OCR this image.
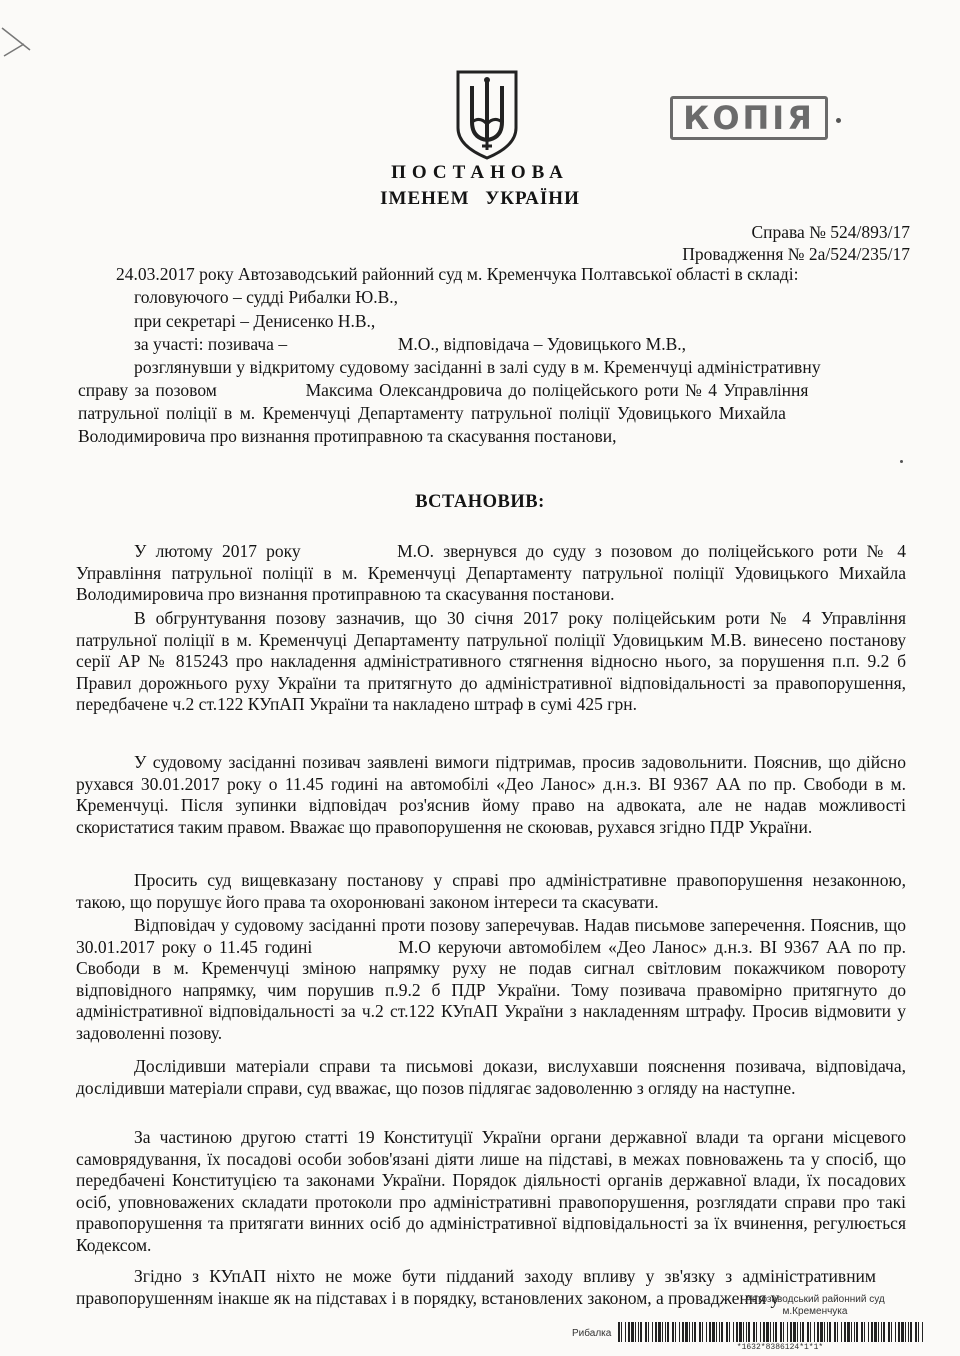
КОПІЯ
ПОСТАНОВА
ІМЕНЕМ УКРАЇНИ
Справа № 524/893/17
Провадження № 2а/524/235/17
24.03.2017 року Автозаводський районний суд м. Кременчука Полтавської області в складі:
головуючого – судді Рибалки Ю.В.,
при секретарі – Денисенко Н.В.,
за участі: позивача –	М.О., відповідача – Удовицького М.В.,
розглянувши у відкритому судовому засіданні в залі суду в м. Кременчуці адміністративну
справу за позовом	Максима Олександровича до поліцейського роти № 4 Управління
патрульної поліції в м. Кременчуці Департаменту патрульної поліції Удовицького Михайла
Володимировича про визнання протиправною та скасування постанови,
ВСТАНОВИВ:
У лютому 2017 року	М.О. звернувся до суду з позовом до поліцейського роти № 4 Управління патрульної поліції в м. Кременчуці Департаменту патрульної поліції Удовицького Михайла Володимировича про визнання протиправною та скасування постанови.
В обгрунтування позову зазначив, що 30 січня 2017 року поліцейським роти № 4 Управління патрульної поліції в м. Кременчуці Департаменту патрульної поліції Удовицьким М.В. винесено постанову серії АР № 815243 про накладення адміністративного стягнення відносно нього, за порушення п.п. 9.2 б Правил дорожнього руху України та притягнуто до адміністративної відповідальності за правопорушення, передбачене ч.2 ст.122 КУпАП України та накладено штраф в сумі 425 грн.
У судовому засіданні позивач заявлені вимоги підтримав, просив задовольнити. Пояснив, що дійсно рухався 30.01.2017 року о 11.45 годині на автомобілі «Део Ланос» д.н.з. ВІ 9367 АА по пр. Свободи в м. Кременчуці. Після зупинки відповідач роз'яснив йому право на адвоката, але не надав можливості скористатися таким правом. Вважає що правопорушення не скоював, рухався згідно ПДР України.
Просить суд вищевказану постанову у справі про адміністративне правопорушення незаконною, такою, що порушує його права та охоронювані законом інтереси та скасувати.
Відповідач у судовому засіданні проти позову заперечував. Надав письмове заперечення. Пояснив, що 30.01.2017 року о 11.45 годині	М.О керуючи автомобілем «Део Ланос» д.н.з. ВІ 9367 АА по пр. Свободи в м. Кременчуці зміною напрямку руху не подав сигнал світловим покажчиком повороту відповідного напрямку, чим порушив п.9.2 б ПДР України. Тому позивача правомірно притягнуто до адміністративної відповідальності за ч.2 ст.122 КУпАП України з накладенням штрафу. Просив відмовити у задоволенні позову.
Дослідивши матеріали справи та письмові докази, вислухавши пояснення позивача, відповідача, дослідивши матеріали справи, суд вважає, що позов підлягає задоволенню з огляду на наступне.
За частиною другою статті 19 Конституції України органи державної влади та органи місцевого самоврядування, їх посадові особи зобов'язані діяти лише на підставі, в межах повноважень та у спосіб, що передбачені Конституцією та законами України. Порядок діяльності органів державної влади, їх посадових осіб, уповноважених складати протоколи про адміністративні правопорушення, розглядати справи про такі правопорушення та притягати винних осіб до адміністративної відповідальності за їх вчинення, регулюється Кодексом.
Згідно з КУпАП ніхто не може бути підданий заходу впливу у зв'язку з адміністративним правопорушенням інакше як на підставах і в порядку, встановлених законом, а провадження у
Автозаводський районний суд
м.Кременчука
Рибалка
*1632*8386124*1*1*
